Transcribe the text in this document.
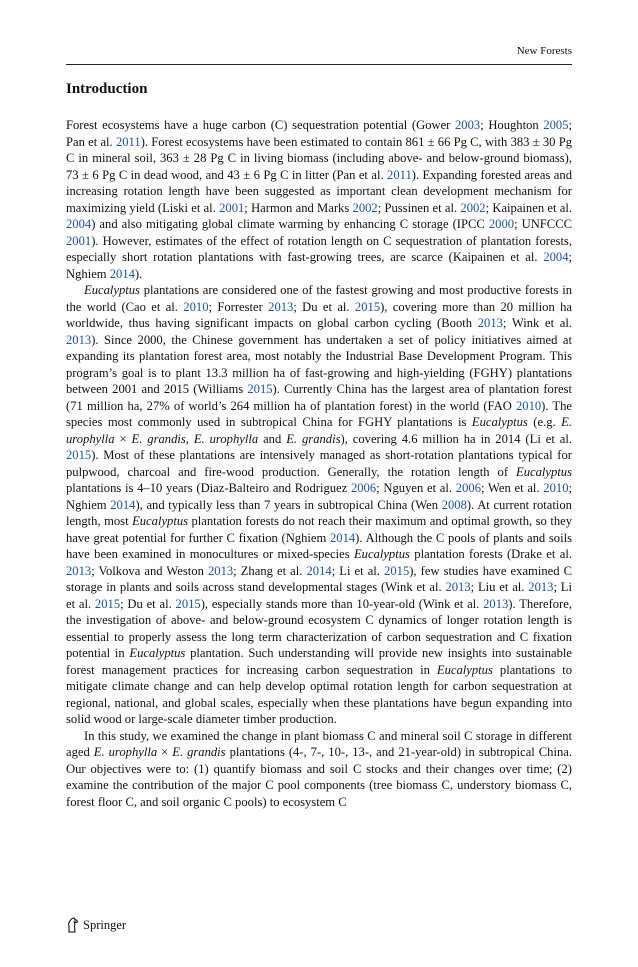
New Forests
Introduction

Forest ecosystems have a huge carbon (C) sequestration potential (Gower 2003; Houghton 2005; Pan et al. 2011). Forest ecosystems have been estimated to contain 861 ± 66 Pg C, with 383 ± 30 Pg C in mineral soil, 363 ± 28 Pg C in living biomass (including above- and below-ground biomass), 73 ± 6 Pg C in dead wood, and 43 ± 6 Pg C in litter (Pan et al. 2011). Expanding forested areas and increasing rotation length have been suggested as important clean development mechanism for maximizing yield (Liski et al. 2001; Harmon and Marks 2002; Pussinen et al. 2002; Kaipainen et al. 2004) and also mitigating global climate warming by enhancing C storage (IPCC 2000; UNFCCC 2001). However, estimates of the effect of rotation length on C sequestration of plantation forests, especially short rotation plantations with fast-growing trees, are scarce (Kaipainen et al. 2004; Nghiem 2014).

Eucalyptus plantations are considered one of the fastest growing and most productive forests in the world (Cao et al. 2010; Forrester 2013; Du et al. 2015), covering more than 20 million ha worldwide, thus having significant impacts on global carbon cycling (Booth 2013; Wink et al. 2013). Since 2000, the Chinese government has undertaken a set of policy initiatives aimed at expanding its plantation forest area, most notably the Industrial Base Development Program. This program’s goal is to plant 13.3 million ha of fast-growing and high-yielding (FGHY) plantations between 2001 and 2015 (Williams 2015). Currently China has the largest area of plantation forest (71 million ha, 27% of world’s 264 million ha of plantation forest) in the world (FAO 2010). The species most commonly used in subtropical China for FGHY plantations is Eucalyptus (e.g. E. urophylla × E. grandis, E. urophylla and E. grandis), covering 4.6 million ha in 2014 (Li et al. 2015). Most of these plantations are intensively managed as short-rotation plantations typical for pulpwood, charcoal and fire-wood production. Generally, the rotation length of Eucalyptus plantations is 4–10 years (Diaz-Balteiro and Rodriguez 2006; Nguyen et al. 2006; Wen et al. 2010; Nghiem 2014), and typically less than 7 years in subtropical China (Wen 2008). At current rotation length, most Eucalyptus plantation forests do not reach their maximum and optimal growth, so they have great potential for further C fixation (Nghiem 2014). Although the C pools of plants and soils have been examined in monocultures or mixed-species Eucalyptus plantation forests (Drake et al. 2013; Volkova and Weston 2013; Zhang et al. 2014; Li et al. 2015), few studies have examined C storage in plants and soils across stand developmental stages (Wink et al. 2013; Liu et al. 2013; Li et al. 2015; Du et al. 2015), especially stands more than 10-year-old (Wink et al. 2013). Therefore, the investigation of above- and below-ground ecosystem C dynamics of longer rotation length is essential to properly assess the long term characterization of carbon sequestration and C fixation potential in Eucalyptus plantation. Such understanding will provide new insights into sustainable forest management practices for increasing carbon sequestration in Eucalyptus plantations to mitigate climate change and can help develop optimal rotation length for carbon sequestration at regional, national, and global scales, especially when these plantations have begun expanding into solid wood or large-scale diameter timber production.

In this study, we examined the change in plant biomass C and mineral soil C storage in different aged E. urophylla × E. grandis plantations (4-, 7-, 10-, 13-, and 21-year-old) in subtropical China. Our objectives were to: (1) quantify biomass and soil C stocks and their changes over time; (2) examine the contribution of the major C pool components (tree biomass C, understory biomass C, forest floor C, and soil organic C pools) to ecosystem C

Springer
